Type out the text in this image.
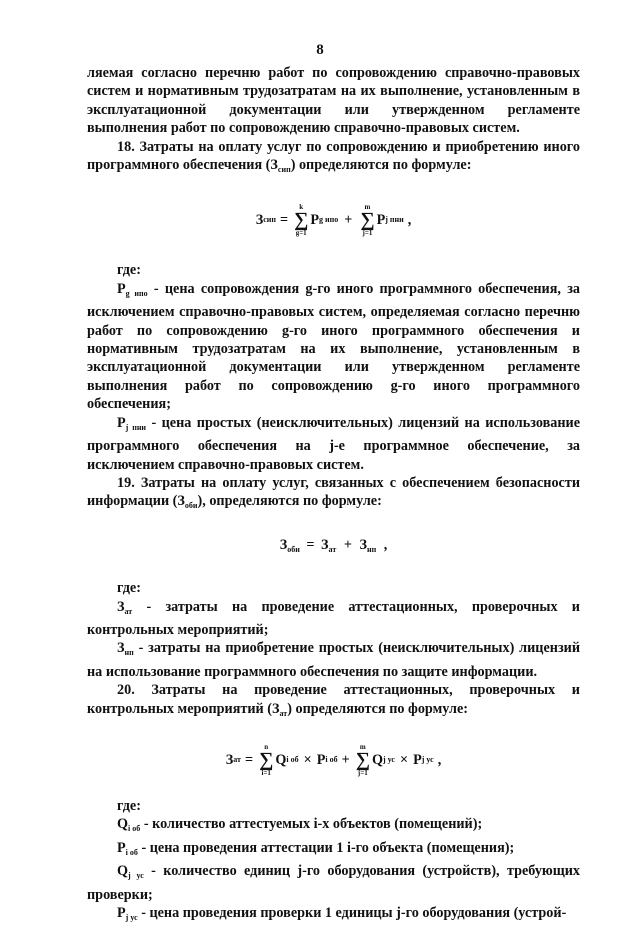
8

ляемая согласно перечню работ по сопровождению справочно-правовых систем и нормативным трудозатратам на их выполнение, установленным в эксплуатационной документации или утвержденном регламенте выполнения работ по сопровождению справочно-правовых систем.

18. Затраты на оплату услуг по сопровождению и приобретению иного программного обеспечения $(З_{сип})$ определяются по формуле:

З сип =
k
∑
g=1
P g ипо +
m
∑
j=1
P j пни ,

где:

$P_{g ипо}$ - цена сопровождения g-го иного программного обеспечения, за исключением справочно-правовых систем, определяемая согласно перечню работ по сопровождению g-го иного программного обеспечения и нормативным трудозатратам на их выполнение, установленным в эксплуатационной документации или утвержденном регламенте выполнения работ по сопровождению g-го иного программного обеспечения;

$P_{j пни}$ - цена простых (неисключительных) лицензий на использование программного обеспечения на j-е программное обеспечение, за исключением справочно-правовых систем.

19. Затраты на оплату услуг, связанных с обеспечением безопасности информации $(З_{оби})$, определяются по формуле:

$З_{оби} = З_{ат} + З_{нп}$ ,

где:

$З_{ат}$ - затраты на проведение аттестационных, проверочных и контрольных мероприятий;

$З_{нп}$ - затраты на приобретение простых (неисключительных) лицензий на использование программного обеспечения по защите информации.

20. Затраты на проведение аттестационных, проверочных и контрольных мероприятий $(З_{ат})$ определяются по формуле:

З ат =
n
∑
i=1
Q i об × P i об +
m
∑
j=1
Q j ус × P j ус ,

где:

$Q_{i об}$ - количество аттестуемых i-х объектов (помещений);

$P_{i об}$ - цена проведения аттестации 1 i-го объекта (помещения);

$Q_{j ус}$ - количество единиц j-го оборудования (устройств), требующих проверки;

$P_{j ус}$ - цена проведения проверки 1 единицы j-го оборудования (устрой-
